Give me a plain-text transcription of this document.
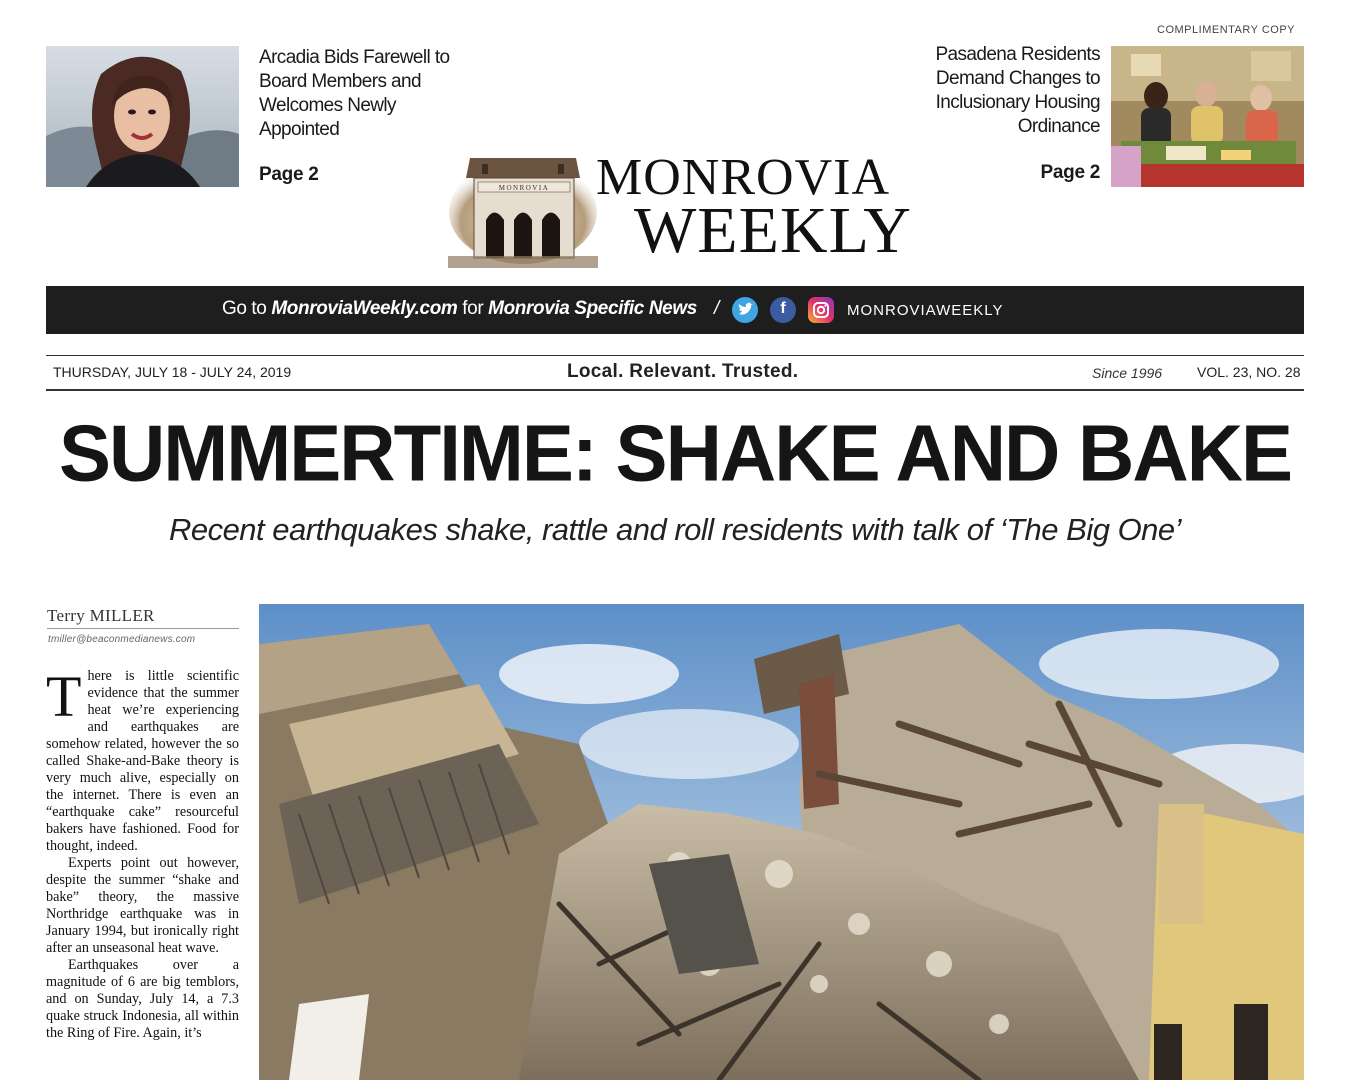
COMPLIMENTARY COPY
Arcadia Bids Farewell to Board Members and Welcomes Newly Appointed
Page 2
Pasadena Residents Demand Changes to Inclusionary Housing Ordinance
Page 2
MONROVIA MONROVIA
WEEKLY
Go to MonroviaWeekly.com for Monrovia Specific News /	f	MONROVIAWEEKLY
THURSDAY, JULY 18 - JULY 24, 2019	Local. Relevant. Trusted.	Since 1996 VOL. 23, NO. 28
SUMMERTIME: SHAKE AND BAKE
Recent earthquakes shake, rattle and roll residents with talk of ‘The Big One’
Terry MILLER
tmiller@beaconmedianews.com

There is little scientific evidence that the summer heat we’re experiencing and earthquakes are somehow related, however the so called Shake-and-Bake theory is very much alive, especially on the internet. There is even an “earthquake cake” resourceful bakers have fashioned. Food for thought, indeed.

Experts point out however, despite the summer “shake and bake” theory, the massive Northridge earthquake was in January 1994, but ironically right after an unseasonal heat wave.

Earthquakes over a magnitude of 6 are big temblors, and on Sunday, July 14, a 7.3 quake struck Indonesia, all within the Ring of Fire. Again, it’s
